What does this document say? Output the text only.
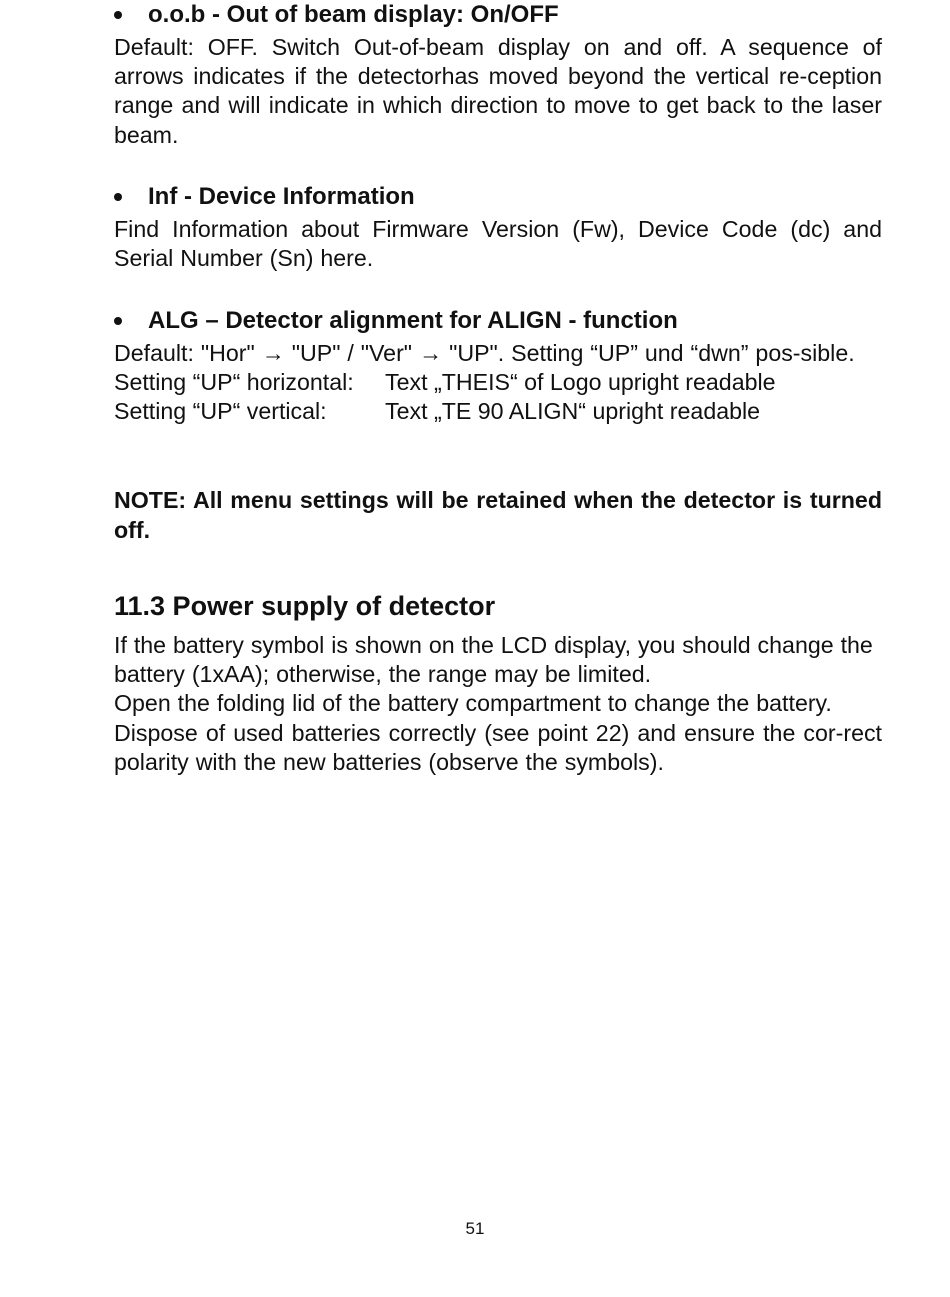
o.o.b - Out of beam display: On/OFF

Default: OFF. Switch Out-of-beam display on and off. A sequence of arrows indicates if the detectorhas moved beyond the vertical re-ception range and will indicate in which direction to move to get back to the laser beam.

Inf - Device Information

Find Information about Firmware Version (Fw), Device Code (dc) and Serial Number (Sn) here.

ALG – Detector alignment for ALIGN - function

Default: "Hor" → "UP" / "Ver" → "UP". Setting “UP” und “dwn” pos-sible.

Setting “UP“ horizontal:	Text „THEIS“ of Logo upright readable
Setting “UP“ vertical:	Text „TE 90 ALIGN“ upright readable

NOTE: All menu settings will be retained when the detector is turned off.

11.3 Power supply of detector

If the battery symbol is shown on the LCD display, you should change the battery (1xAA); otherwise, the range may be limited.

Open the folding lid of the battery compartment to change the battery.

Dispose of used batteries correctly (see point 22) and ensure the cor-rect polarity with the new batteries (observe the symbols).

51
